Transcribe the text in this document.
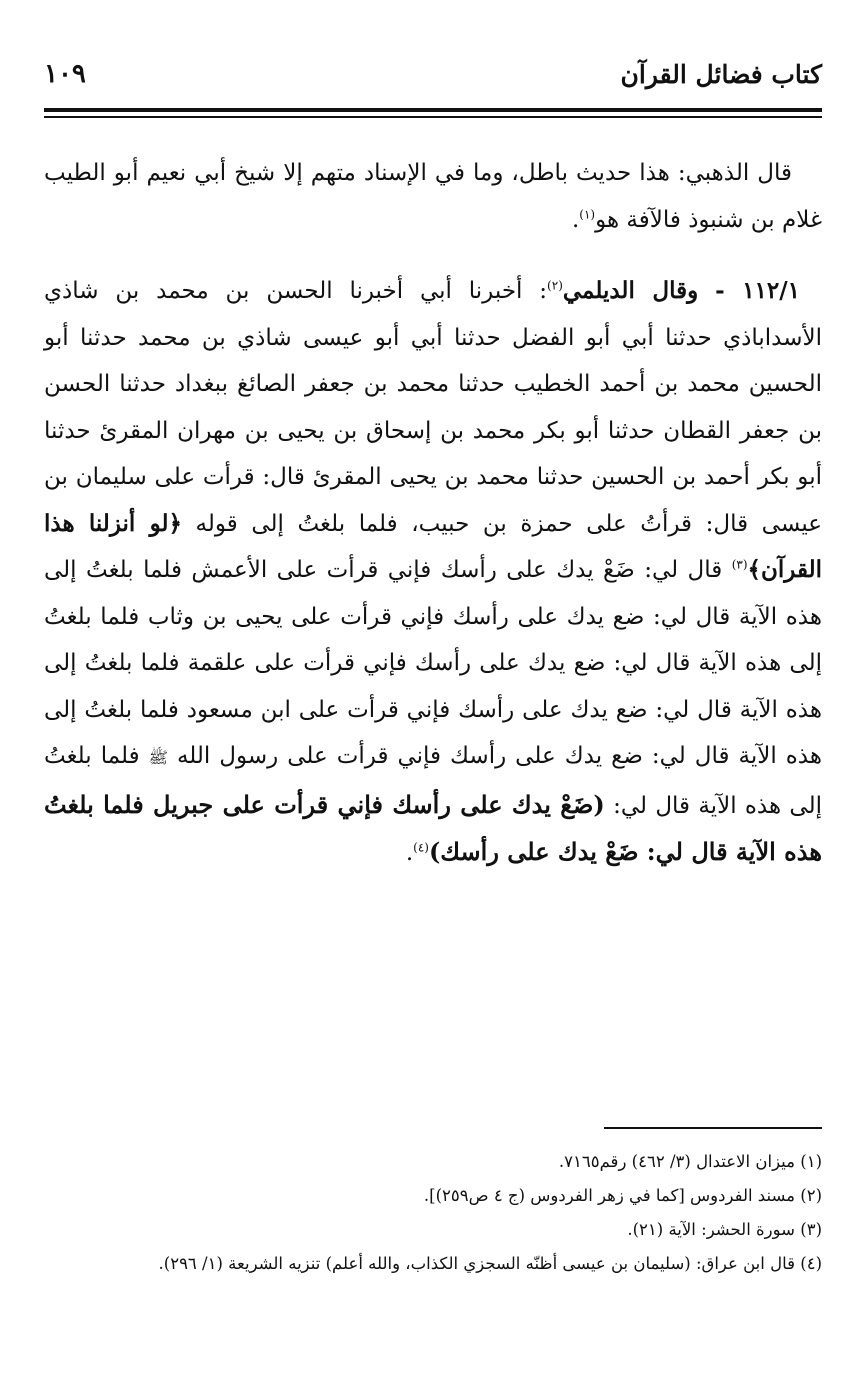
كتاب فضائل القرآن
١٠٩

قال الذهبي: هذا حديث باطل، وما في الإسناد متهم إلا شيخ أبي نعيم أبو الطيب غلام بن شنبوذ فالآفة هو$^{(١)}$.

١١٢/١ - وقال الديلمي$^{(٢)}$: أخبرنا أبي أخبرنا الحسن بن محمد بن شاذي الأسداباذي حدثنا أبي أبو الفضل حدثنا أبي أبو عيسى شاذي بن محمد حدثنا أبو الحسين محمد بن أحمد الخطيب حدثنا محمد بن جعفر الصائغ ببغداد حدثنا الحسن بن جعفر القطان حدثنا أبو بكر محمد بن إسحاق بن يحيى بن مهران المقرئ حدثنا أبو بكر أحمد بن الحسين حدثنا محمد بن يحيى المقرئ قال: قرأت على سليمان بن عيسى قال: قرأتُ على حمزة بن حبيب، فلما بلغتُ إلى قوله ﴿لو أنزلنا هذا القرآن﴾$^{(٣)}$ قال لي: ضَعْ يدك على رأسك فإني قرأت على الأعمش فلما بلغتُ إلى هذه الآية قال لي: ضع يدك على رأسك فإني قرأت على يحيى بن وثاب فلما بلغتُ إلى هذه الآية قال لي: ضع يدك على رأسك فإني قرأت على علقمة فلما بلغتُ إلى هذه الآية قال لي: ضع يدك على رأسك فإني قرأت على ابن مسعود فلما بلغتُ إلى هذه الآية قال لي: ضع يدك على رأسك فإني قرأت على رسول الله ﷺ فلما بلغتُ إلى هذه الآية قال لي: (ضَعْ يدك على رأسك فإني قرأت على جبريل فلما بلغتُ هذه الآية قال لي: ضَعْ يدك على رأسك)$^{(٤)}$.

(١) ميزان الاعتدال (٣/ ٤٦٢) رقم٧١٦٥.
(٢) مسند الفردوس [كما في زهر الفردوس (ج ٤ ص٢٥٩)].
(٣) سورة الحشر: الآية (٢١).
(٤) قال ابن عراق: (سليمان بن عيسى أظنّه السجزي الكذاب، والله أعلم) تنزيه الشريعة (١/ ٢٩٦).
